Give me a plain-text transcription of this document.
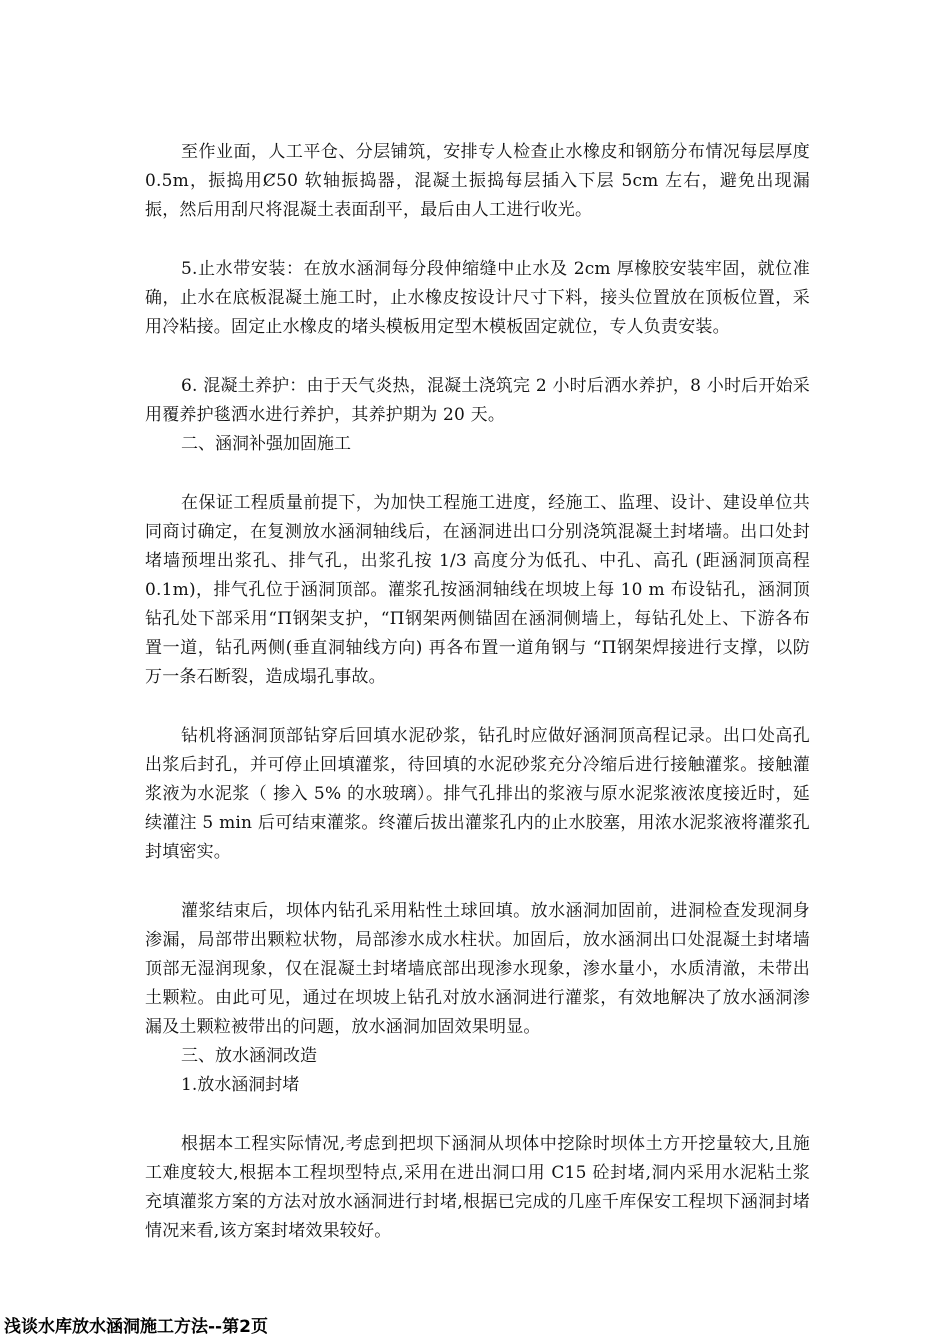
至作业面，人工平仓、分层铺筑，安排专人检查止水橡皮和钢筋分布情况每层厚度 0.5m，振捣用Ȼ50 软轴振捣器，混凝土振捣每层插入下层 5cm 左右，避免出现漏振，然后用刮尺将混凝土表面刮平，最后由人工进行收光。

5.止水带安装：在放水涵洞每分段伸缩缝中止水及 2cm 厚橡胶安装牢固，就位准确，止水在底板混凝土施工时，止水橡皮按设计尺寸下料，接头位置放在顶板位置，采用冷粘接。固定止水橡皮的堵头模板用定型木模板固定就位，专人负责安装。

6. 混凝土养护：由于天气炎热，混凝土浇筑完 2 小时后洒水养护，8 小时后开始采用覆养护毯洒水进行养护，其养护期为 20 天。

二、涵洞补强加固施工

在保证工程质量前提下，为加快工程施工进度，经施工、监理、设计、建设单位共同商讨确定，在复测放水涵洞轴线后，在涵洞进出口分别浇筑混凝土封堵墙。出口处封堵墙预埋出浆孔、排气孔，出浆孔按 1/3 高度分为低孔、中孔、高孔 (距涵洞顶高程 0.1m)，排气孔位于涵洞顶部。灌浆孔按涵洞轴线在坝坡上每 10 m 布设钻孔，涵洞顶钻孔处下部采用“Π钢架支护，“Π钢架两侧锚固在涵洞侧墙上，每钻孔处上、下游各布置一道，钻孔两侧(垂直洞轴线方向) 再各布置一道角钢与 “Π钢架焊接进行支撑，以防万一条石断裂，造成塌孔事故。

钻机将涵洞顶部钻穿后回填水泥砂浆，钻孔时应做好涵洞顶高程记录。出口处高孔出浆后封孔，并可停止回填灌浆，待回填的水泥砂浆充分冷缩后进行接触灌浆。接触灌浆液为水泥浆（ 掺入 5% 的水玻璃）。排气孔排出的浆液与原水泥浆液浓度接近时，延续灌注 5 min 后可结束灌浆。终灌后拔出灌浆孔内的止水胶塞，用浓水泥浆液将灌浆孔封填密实。

灌浆结束后，坝体内钻孔采用粘性土球回填。放水涵洞加固前，进洞检查发现洞身渗漏，局部带出颗粒状物，局部渗水成水柱状。加固后，放水涵洞出口处混凝土封堵墙顶部无湿润现象，仅在混凝土封堵墙底部出现渗水现象，渗水量小，水质清澈，未带出土颗粒。由此可见，通过在坝坡上钻孔对放水涵洞进行灌浆，有效地解决了放水涵洞渗漏及土颗粒被带出的问题，放水涵洞加固效果明显。

三、放水涵洞改造

1.放水涵洞封堵

根据本工程实际情况,考虑到把坝下涵洞从坝体中挖除时坝体土方开挖量较大,且施工难度较大,根据本工程坝型特点,采用在进出洞口用 C15 砼封堵,洞内采用水泥粘土浆充填灌浆方案的方法对放水涵洞进行封堵,根据已完成的几座千库保安工程坝下涵洞封堵情况来看,该方案封堵效果较好。

浅谈水库放水涵洞施工方法--第2页
